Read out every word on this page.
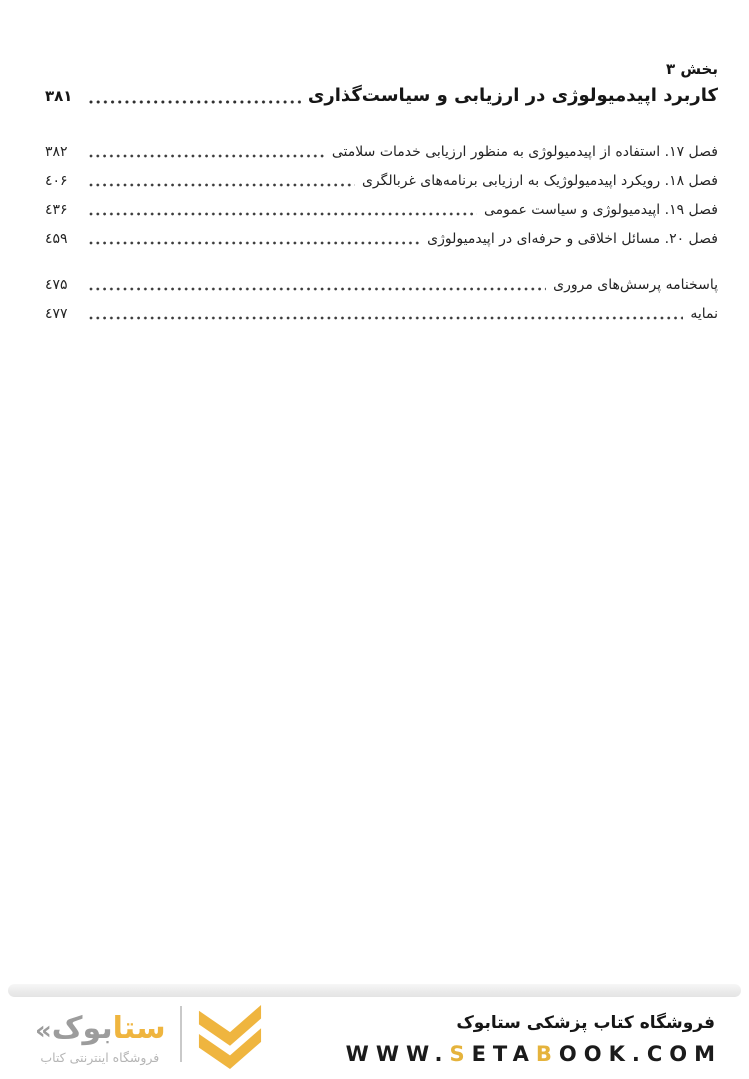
بخش ۳
کاربرد اپیدمیولوژی در ارزیابی و سیاست‌گذاری
۳۸۱
فصل ۱۷. استفاده از اپیدمیولوژی به منظور ارزیابی خدمات سلامتی
۳۸۲
فصل ۱۸. رویکرد اپیدمیولوژیک به ارزیابی برنامه‌های غربالگری
٤٠۶
فصل ۱۹. اپیدمیولوژی و سیاست عمومی
٤۳۶
فصل ۲۰. مسائل اخلاقی و حرفه‌ای در اپیدمیولوژی
٤۵۹
پاسخنامه پرسش‌های مروری
٤۷۵
نمایه
٤۷۷
ستا
بوک
«
فروشگاه اینترنتی کتاب
فروشگاه کتاب پزشکی ستابوک
WWW.SETABOOK.COM
